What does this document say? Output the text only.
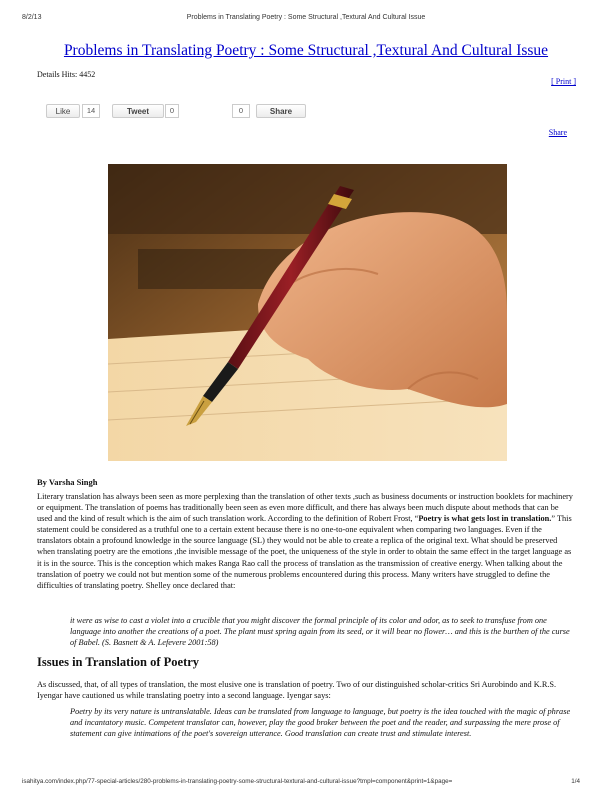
8/2/13	Problems in Translating Poetry : Some Structural ,Textural And Cultural Issue
Problems in Translating Poetry : Some Structural ,Textural And Cultural Issue
Details Hits: 4452
[ Print ]
Like	14	Tweet	0	0	Share
Share
By Varsha Singh
Literary translation has always been seen as more perplexing than the translation of other texts ,such as business documents or instruction booklets for machinery or equipment. The translation of poems has traditionally been seen as even more difficult, and there has always been much dispute about methods that can be used and the kind of result which is the aim of such translation work. According to the definition of Robert Frost, “Poetry is what gets lost in translation.” This statement could be considered as a truthful one to a certain extent because there is no one-to-one equivalent when comparing two languages. Even if the translators obtain a profound knowledge in the source language (SL) they would not be able to create a replica of the original text. What should be preserved when translating poetry are the emotions ,the invisible message of the poet, the uniqueness of the style in order to obtain the same effect in the target language as it is in the source. This is the conception which makes Ranga Rao call the process of translation as the transmission of creative energy. When talking about the translation of poetry we could not but mention some of the numerous problems encountered during this process. Many writers have struggled to define the difficulties of translating poetry. Shelley once declared that:
it were as wise to cast a violet into a crucible that you might discover the formal principle of its color and odor, as to seek to transfuse from one language into another the creations of a poet. The plant must spring again from its seed, or it will bear no flower… and this is the burthen of the curse of Babel. (S. Basnett & A. Lefevere 2001:58)
Issues in Translation of Poetry
As discussed, that, of all types of translation, the most elusive one is translation of poetry. Two of our distinguished scholar-critics Sri Aurobindo and K.R.S. Iyengar have cautioned us while translating poetry into a second language. Iyengar says:
Poetry by its very nature is untranslatable. Ideas can be translated from language to language, but poetry is the idea touched with the magic of phrase and incantatory music. Competent translator can, however, play the good broker between the poet and the reader, and surpassing the mere prose of statement can give intimations of the poet's sovereign utterance. Good translation can create trust and stimulate interest.
isahitya.com/index.php/77-special-articles/280-problems-in-translating-poetry-some-structural-textural-and-cultural-issue?tmpl=component&print=1&page=	1/4
